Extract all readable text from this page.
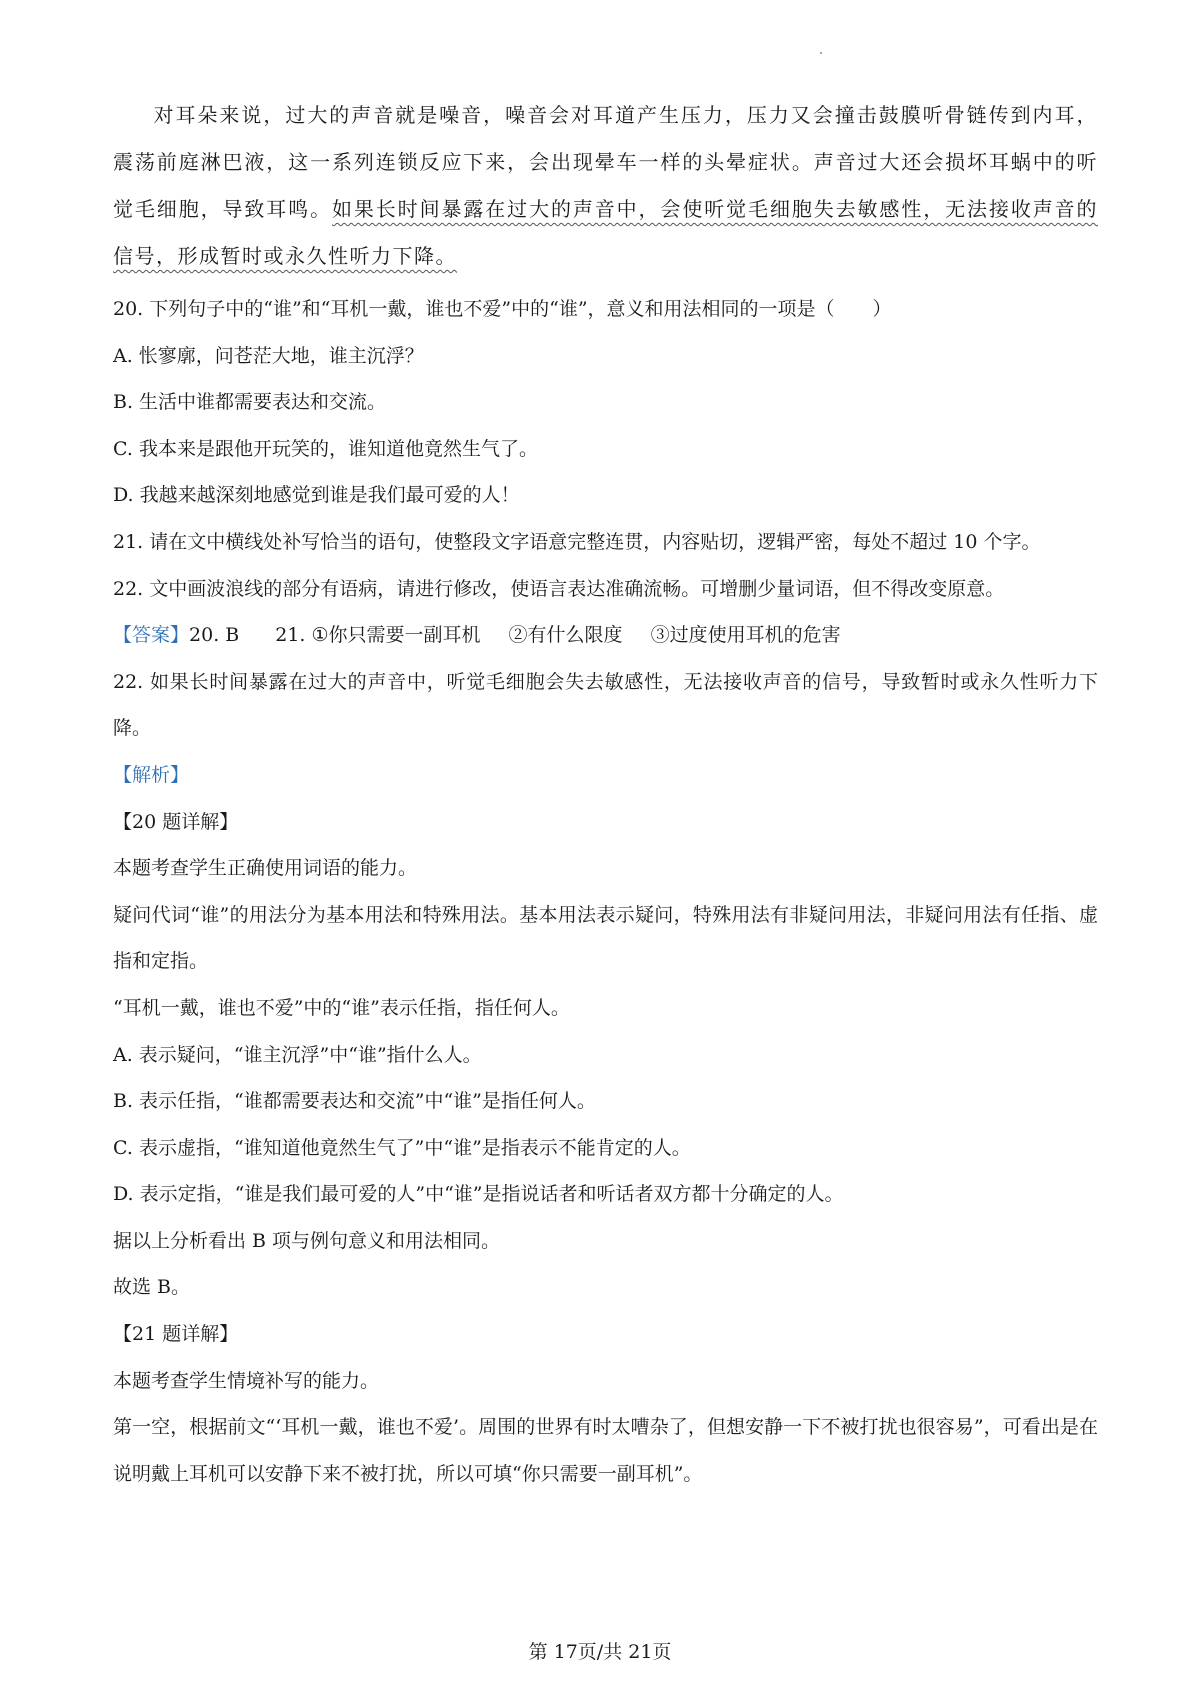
对耳朵来说，过大的声音就是噪音，噪音会对耳道产生压力，压力又会撞击鼓膜听骨链传到内耳，震荡前庭淋巴液，这一系列连锁反应下来，会出现晕车一样的头晕症状。声音过大还会损坏耳蜗中的听觉毛细胞，导致耳鸣。如果长时间暴露在过大的声音中，会使听觉毛细胞失去敏感性，无法接收声音的信号，形成暂时或永久性听力下降。

20. 下列句子中的“谁”和“耳机一戴，谁也不爱”中的“谁”，意义和用法相同的一项是（　　）

A. 怅寥廓，问苍茫大地，谁主沉浮？

B. 生活中谁都需要表达和交流。

C. 我本来是跟他开玩笑的，谁知道他竟然生气了。

D. 我越来越深刻地感觉到谁是我们最可爱的人！

21. 请在文中横线处补写恰当的语句，使整段文字语意完整连贯，内容贴切，逻辑严密，每处不超过 10 个字。

22. 文中画波浪线的部分有语病，请进行修改，使语言表达准确流畅。可增删少量词语，但不得改变原意。

【答案】20. B 21. ①你只需要一副耳机 ②有什么限度 ③过度使用耳机的危害

22. 如果长时间暴露在过大的声音中，听觉毛细胞会失去敏感性，无法接收声音的信号，导致暂时或永久性听力下降。

【解析】

【20 题详解】

本题考查学生正确使用词语的能力。

疑问代词“谁”的用法分为基本用法和特殊用法。基本用法表示疑问，特殊用法有非疑问用法，非疑问用法有任指、虚指和定指。

“耳机一戴，谁也不爱”中的“谁”表示任指，指任何人。

A. 表示疑问，“谁主沉浮”中“谁”指什么人。

B. 表示任指，“谁都需要表达和交流”中“谁”是指任何人。

C. 表示虚指，“谁知道他竟然生气了”中“谁”是指表示不能肯定的人。

D. 表示定指，“谁是我们最可爱的人”中“谁”是指说话者和听话者双方都十分确定的人。

据以上分析看出 B 项与例句意义和用法相同。

故选 B。

【21 题详解】

本题考查学生情境补写的能力。

第一空，根据前文“‘耳机一戴，谁也不爱’。周围的世界有时太嘈杂了，但想安静一下不被打扰也很容易”，可看出是在说明戴上耳机可以安静下来不被打扰，所以可填“你只需要一副耳机”。

第 17页/共 21页
